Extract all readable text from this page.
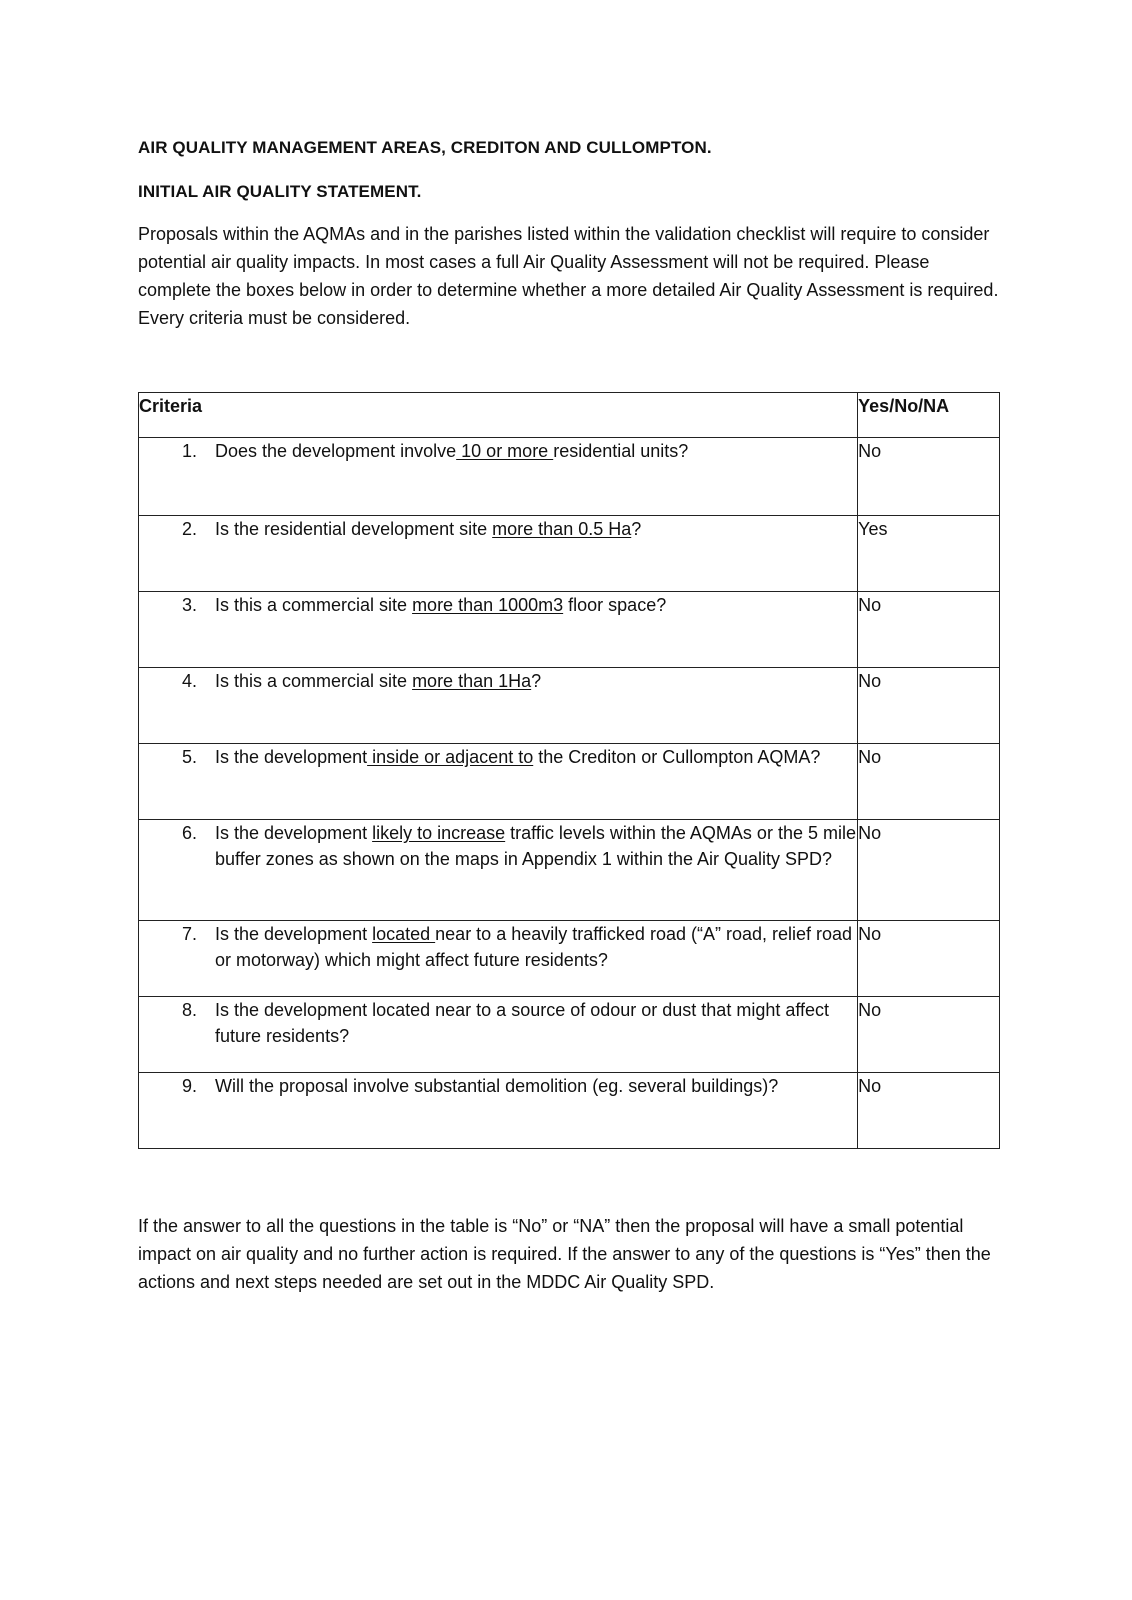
AIR QUALITY MANAGEMENT AREAS, CREDITON AND CULLOMPTON.
INITIAL AIR QUALITY STATEMENT.
Proposals within the AQMAs and in the parishes listed within the validation checklist will require to consider potential air quality impacts. In most cases a full Air Quality Assessment will not be required. Please complete the boxes below in order to determine whether a more detailed Air Quality Assessment is required. Every criteria must be considered.
Criteria	Yes/No/NA

1. Does the development involve 10 or more residential units?	No

2. Is the residential development site more than 0.5 Ha?	Yes

3. Is this a commercial site more than 1000m3 floor space?	No

4. Is this a commercial site more than 1Ha?	No

5. Is the development inside or adjacent to the Crediton or Cullompton AQMA?	No

6. Is the development likely to increase traffic levels within the AQMAs or the 5 mile buffer zones as shown on the maps in Appendix 1 within the Air Quality SPD?	No

7. Is the development located near to a heavily trafficked road (“A” road, relief road or motorway) which might affect future residents?	No

8. Is the development located near to a source of odour or dust that might affect future residents?	No

9. Will the proposal involve substantial demolition (eg. several buildings)?	No
If the answer to all the questions in the table is “No” or “NA” then the proposal will have a small potential impact on air quality and no further action is required. If the answer to any of the questions is “Yes” then the actions and next steps needed are set out in the MDDC Air Quality SPD.
